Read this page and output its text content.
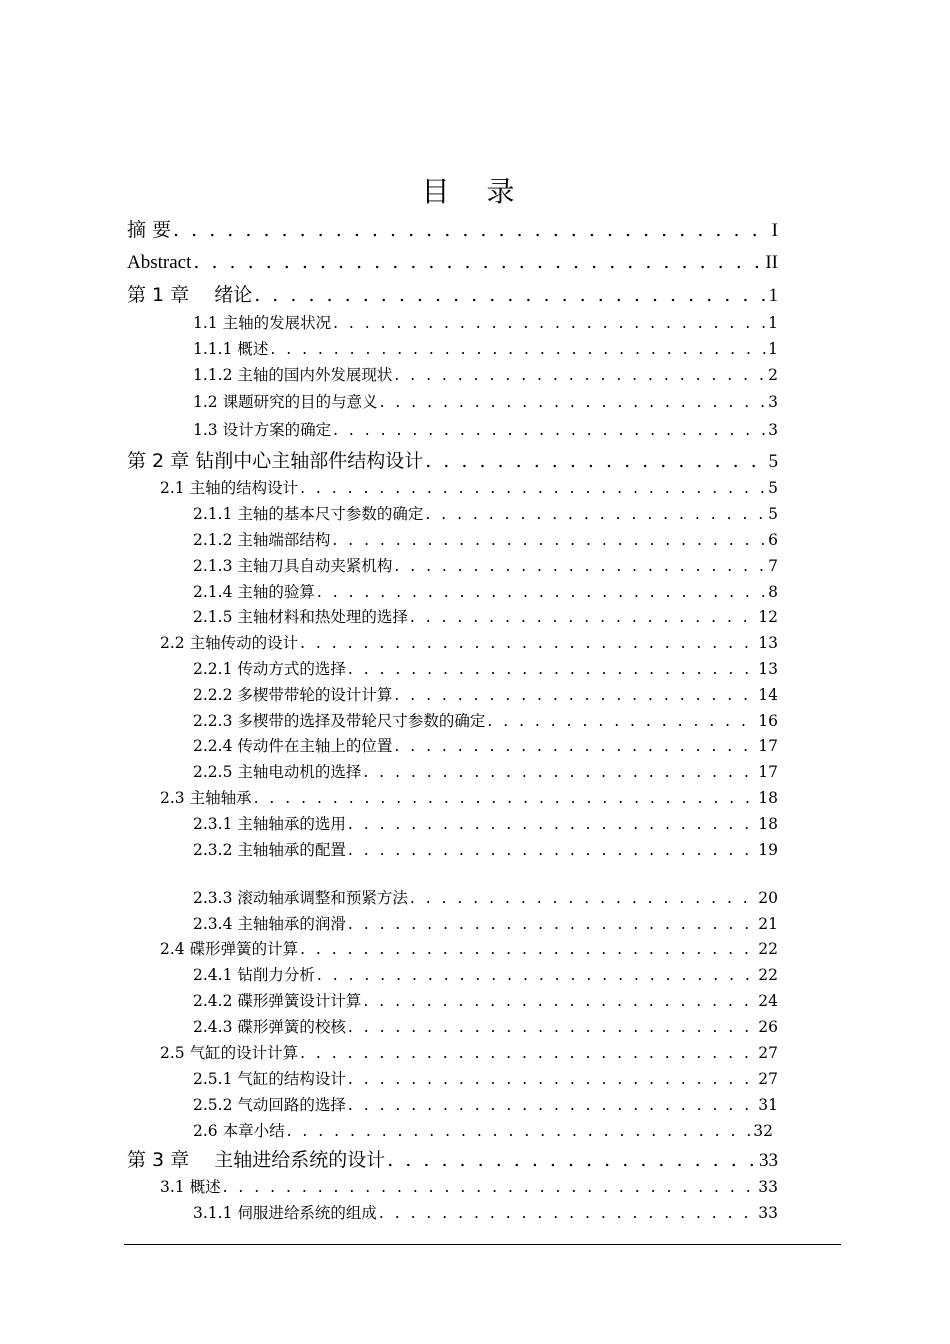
目 录
摘 要 . . .	I
Abstract . . .	II
第 1 章　 绪论 . . .	1
1.1 主轴的发展状况 . . .	1
1.1.1 概述 . . .	1
1.1.2 主轴的国内外发展现状 . . .	2
1.2 课题研究的目的与意义 . . .	3
1.3 设计方案的确定 . . .	3
第 2 章 钻削中心主轴部件结构设计 . . .	5
2.1 主轴的结构设计 . . .	5
2.1.1 主轴的基本尺寸参数的确定 . . .	5
2.1.2 主轴端部结构 . . .	6
2.1.3 主轴刀具自动夹紧机构 . . .	7
2.1.4 主轴的验算 . . .	8
2.1.5 主轴材料和热处理的选择 . . .	12
2.2 主轴传动的设计 . . .	13
2.2.1 传动方式的选择 . . .	13
2.2.2 多楔带带轮的设计计算 . . .	14
2.2.3 多楔带的选择及带轮尺寸参数的确定 . . .	16
2.2.4 传动件在主轴上的位置 . . .	17
2.2.5 主轴电动机的选择 . . .	17
2.3 主轴轴承 . . .	18
2.3.1 主轴轴承的选用 . . .	18
2.3.2 主轴轴承的配置 . . .	19
2.3.3 滚动轴承调整和预紧方法 . . .	20
2.3.4 主轴轴承的润滑 . . .	21
2.4 碟形弹簧的计算 . . .	22
2.4.1 钻削力分析 . . .	22
2.4.2 碟形弹簧设计计算 . . .	24
2.4.3 碟形弹簧的校核 . . .	26
2.5 气缸的设计计算 . . .	27
2.5.1 气缸的结构设计 . . .	27
2.5.2 气动回路的选择 . . .	31
2.6 本章小结 . . .	32
第 3 章　 主轴进给系统的设计 . . .	33
3.1 概述 . . .	33
3.1.1 伺服进给系统的组成 . . .	33
